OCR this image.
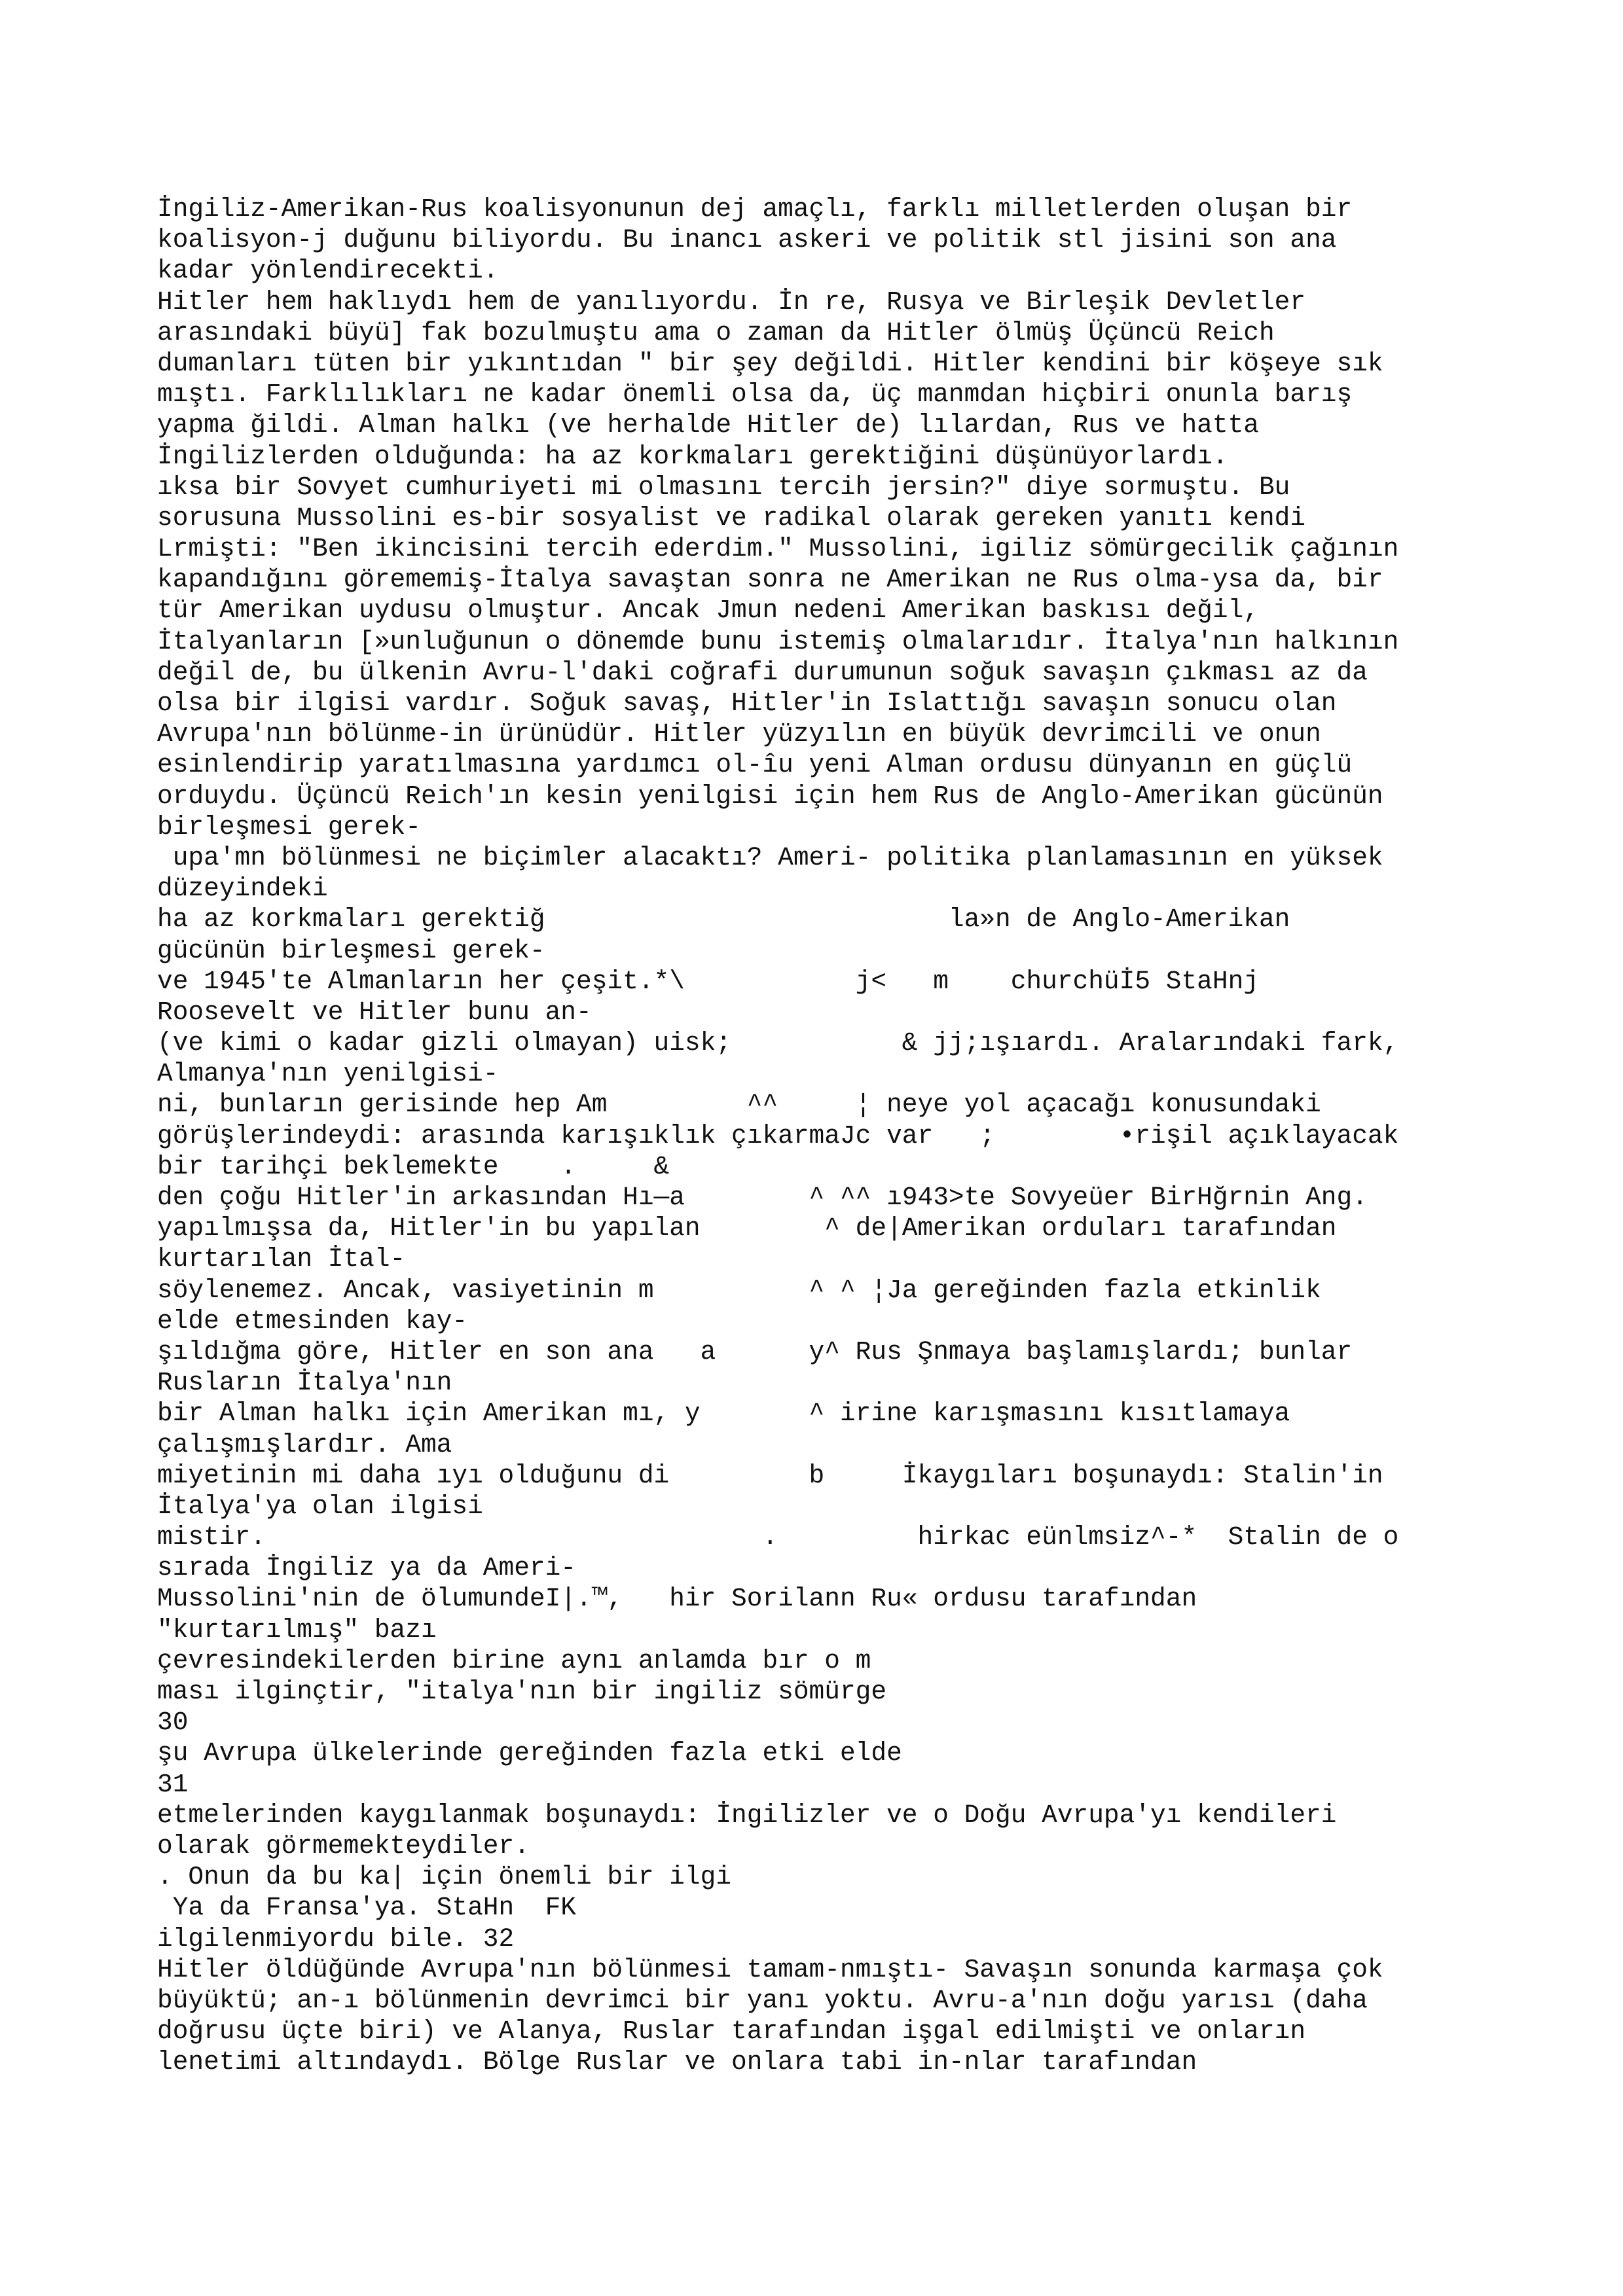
İngiliz-Amerikan-Rus koalisyonunun dej amaçlı, farklı milletlerden oluşan bir
koalisyon-j duğunu biliyordu. Bu inancı askeri ve politik stl jisini son ana
kadar yönlendirecekti.
Hitler hem haklıydı hem de yanılıyordu. İn re, Rusya ve Birleşik Devletler
arasındaki büyü] fak bozulmuştu ama o zaman da Hitler ölmüş Üçüncü Reich
dumanları tüten bir yıkıntıdan " bir şey değildi. Hitler kendini bir köşeye sık
mıştı. Farklılıkları ne kadar önemli olsa da, üç manmdan hiçbiri onunla barış
yapma ğildi. Alman halkı (ve herhalde Hitler de) lılardan, Rus ve hatta
İngilizlerden olduğunda: ha az korkmaları gerektiğini düşünüyorlardı.
ıksa bir Sovyet cumhuriyeti mi olmasını tercih jersin?" diye sormuştu. Bu
sorusuna Mussolini es-bir sosyalist ve radikal olarak gereken yanıtı kendi
Lrmişti: "Ben ikincisini tercih ederdim." Mussolini, igiliz sömürgecilik çağının
kapandığını görememiş-İtalya savaştan sonra ne Amerikan ne Rus olma-ysa da, bir
tür Amerikan uydusu olmuştur. Ancak Jmun nedeni Amerikan baskısı değil,
İtalyanların [»unluğunun o dönemde bunu istemiş olmalarıdır. İtalya'nın halkının
değil de, bu ülkenin Avru-l'daki coğrafi durumunun soğuk savaşın çıkması az da
olsa bir ilgisi vardır. Soğuk savaş, Hitler'in Islattığı savaşın sonucu olan
Avrupa'nın bölünme-in ürünüdür. Hitler yüzyılın en büyük devrimcili ve onun
esinlendirip yaratılmasına yardımcı ol-îu yeni Alman ordusu dünyanın en güçlü
orduydu. Üçüncü Reich'ın kesin yenilgisi için hem Rus de Anglo-Amerikan gücünün
birleşmesi gerek-
upa'mn bölünmesi ne biçimler alacaktı? Ameri- politika planlamasının en yüksek
düzeyindeki
ha az korkmaları gerektiğ                          la»n de Anglo-Amerikan
gücünün birleşmesi gerek-
ve 1945'te Almanların her çeşit.*\           j<   m    churchüİ5 StaHnj
Roosevelt ve Hitler bunu an-
(ve kimi o kadar gizli olmayan) uisk;           & jj;ışıardı. Aralarındaki fark,
Almanya'nın yenilgisi-
ni, bunların gerisinde hep Am         ^^     ¦ neye yol açacağı konusundaki
görüşlerindeydi: arasında karışıklık çıkarmaJc var   ;        •rişil açıklayacak
bir tarihçi beklemekte    .     &
den çoğu Hitler'in arkasından Hı—a        ^ ^^ ı943>te Sovyeüer BirHğrnin Ang.
yapılmışsa da, Hitler'in bu yapılan        ^ de|Amerikan orduları tarafından
kurtarılan İtal-
söylenemez. Ancak, vasiyetinin m          ^ ^ ¦Ja gereğinden fazla etkinlik
elde etmesinden kay-
şıldığma göre, Hitler en son ana   a      y^ Rus Şnmaya başlamışlardı; bunlar
Rusların İtalya'nın
bir Alman halkı için Amerikan mı, y       ^ irine karışmasını kısıtlamaya
çalışmışlardır. Ama
miyetinin mi daha ıyı olduğunu di         b     İkaygıları boşunaydı: Stalin'in
İtalya'ya olan ilgisi
mistir.                                .         hirkac eünlmsiz^-*  Stalin de o
sırada İngiliz ya da Ameri-
Mussolini'nin de ölumundeI|.™,   hir Sorilann Ru« ordusu tarafından
"kurtarılmış" bazı
çevresindekilerden birine aynı anlamda bır o m
ması ilginçtir, "italya'nın bir ingiliz sömürge
30
şu Avrupa ülkelerinde gereğinden fazla etki elde
31
etmelerinden kaygılanmak boşunaydı: İngilizler ve o Doğu Avrupa'yı kendileri
olarak görmemekteydiler.
. Onun da bu ka| için önemli bir ilgi
Ya da Fransa'ya. StaHn  FK
ilgilenmiyordu bile. 32
Hitler öldüğünde Avrupa'nın bölünmesi tamam-nmıştı- Savaşın sonunda karmaşa çok
büyüktü; an-ı bölünmenin devrimci bir yanı yoktu. Avru-a'nın doğu yarısı (daha
doğrusu üçte biri) ve Alanya, Ruslar tarafından işgal edilmişti ve onların
lenetimi altındaydı. Bölge Ruslar ve onlara tabi in-nlar tarafından
